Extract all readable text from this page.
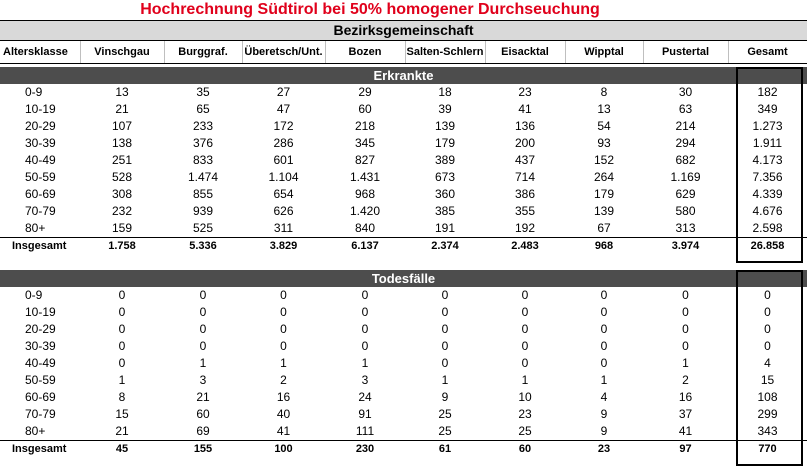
Hochrechnung Südtirol bei 50% homogener Durchseuchung
Bezirksgemeinschaft
Altersklasse	Vinschgau	Burggraf.	Überetsch/Unt.	Bozen	Salten-Schlern	Eisacktal	Wipptal	Pustertal	Gesamt
Erkrankte
0-9	13	35	27	29	18	23	8	30	182
10-19	21	65	47	60	39	41	13	63	349
20-29	107	233	172	218	139	136	54	214	1.273
30-39	138	376	286	345	179	200	93	294	1.911
40-49	251	833	601	827	389	437	152	682	4.173
50-59	528	1.474	1.104	1.431	673	714	264	1.169	7.356
60-69	308	855	654	968	360	386	179	629	4.339
70-79	232	939	626	1.420	385	355	139	580	4.676
80+	159	525	311	840	191	192	67	313	2.598
Insgesamt	1.758	5.336	3.829	6.137	2.374	2.483	968	3.974	26.858
Todesfälle
0-9	0	0	0	0	0	0	0	0	0
10-19	0	0	0	0	0	0	0	0	0
20-29	0	0	0	0	0	0	0	0	0
30-39	0	0	0	0	0	0	0	0	0
40-49	0	1	1	1	0	0	0	1	4
50-59	1	3	2	3	1	1	1	2	15
60-69	8	21	16	24	9	10	4	16	108
70-79	15	60	40	91	25	23	9	37	299
80+	21	69	41	111	25	25	9	41	343
Insgesamt	45	155	100	230	61	60	23	97	770
